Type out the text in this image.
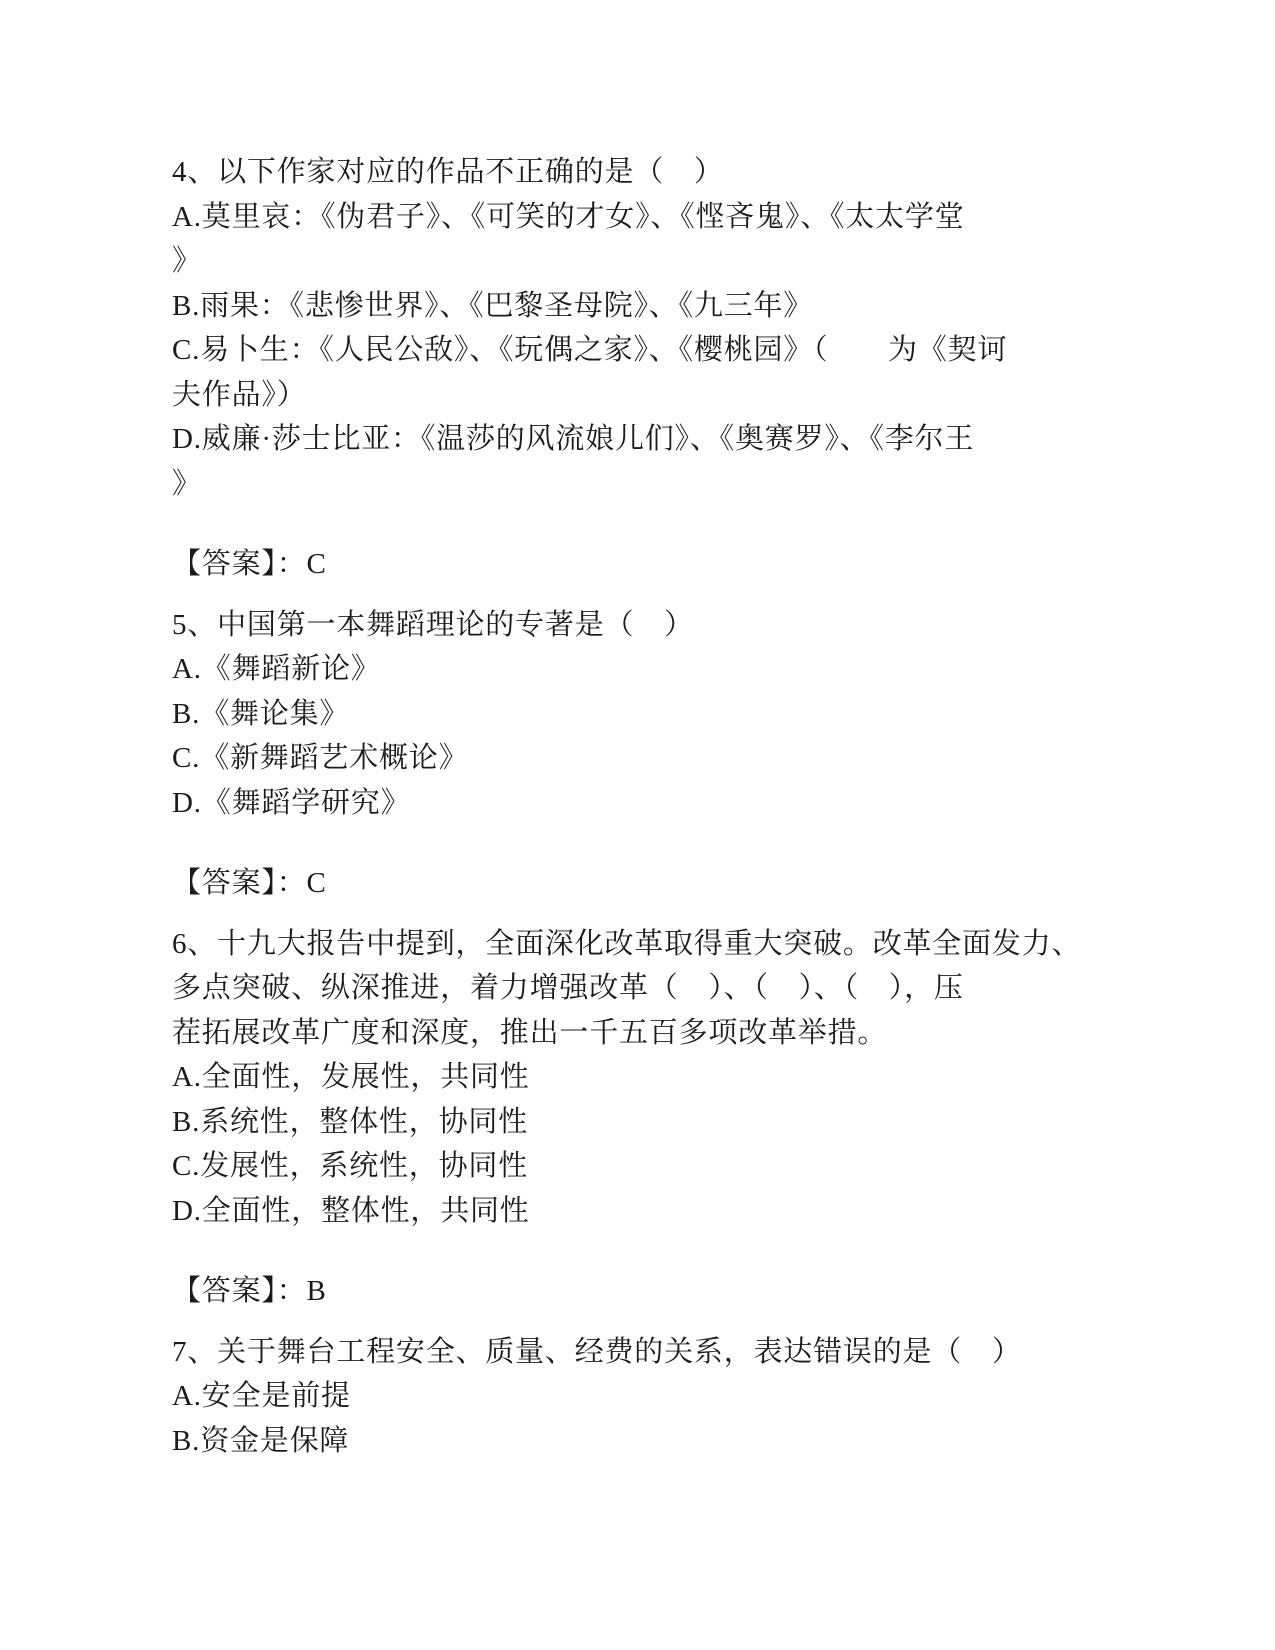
4、以下作家对应的作品不正确的是（　）

A.莫里哀：《伪君子》、《可笑的才女》、《悭吝鬼》、《太太学堂

》

B.雨果：《悲惨世界》、《巴黎圣母院》、《九三年》

C.易卜生：《人民公敌》、《玩偶之家》、《樱桃园》（　　为《契诃

夫作品》）

D.威廉·莎士比亚：《温莎的风流娘儿们》、《奥赛罗》、《李尔王

》

【答案】：C

5、中国第一本舞蹈理论的专著是（　）

A.《舞蹈新论》

B.《舞论集》

C.《新舞蹈艺术概论》

D.《舞蹈学研究》

【答案】：C

6、十九大报告中提到，全面深化改革取得重大突破。改革全面发力、

多点突破、纵深推进，着力增强改革（　）、（　）、（　），压

茬拓展改革广度和深度，推出一千五百多项改革举措。

A.全面性，发展性，共同性

B.系统性，整体性，协同性

C.发展性，系统性，协同性

D.全面性，整体性，共同性

【答案】：B

7、关于舞台工程安全、质量、经费的关系，表达错误的是（　）

A.安全是前提

B.资金是保障
